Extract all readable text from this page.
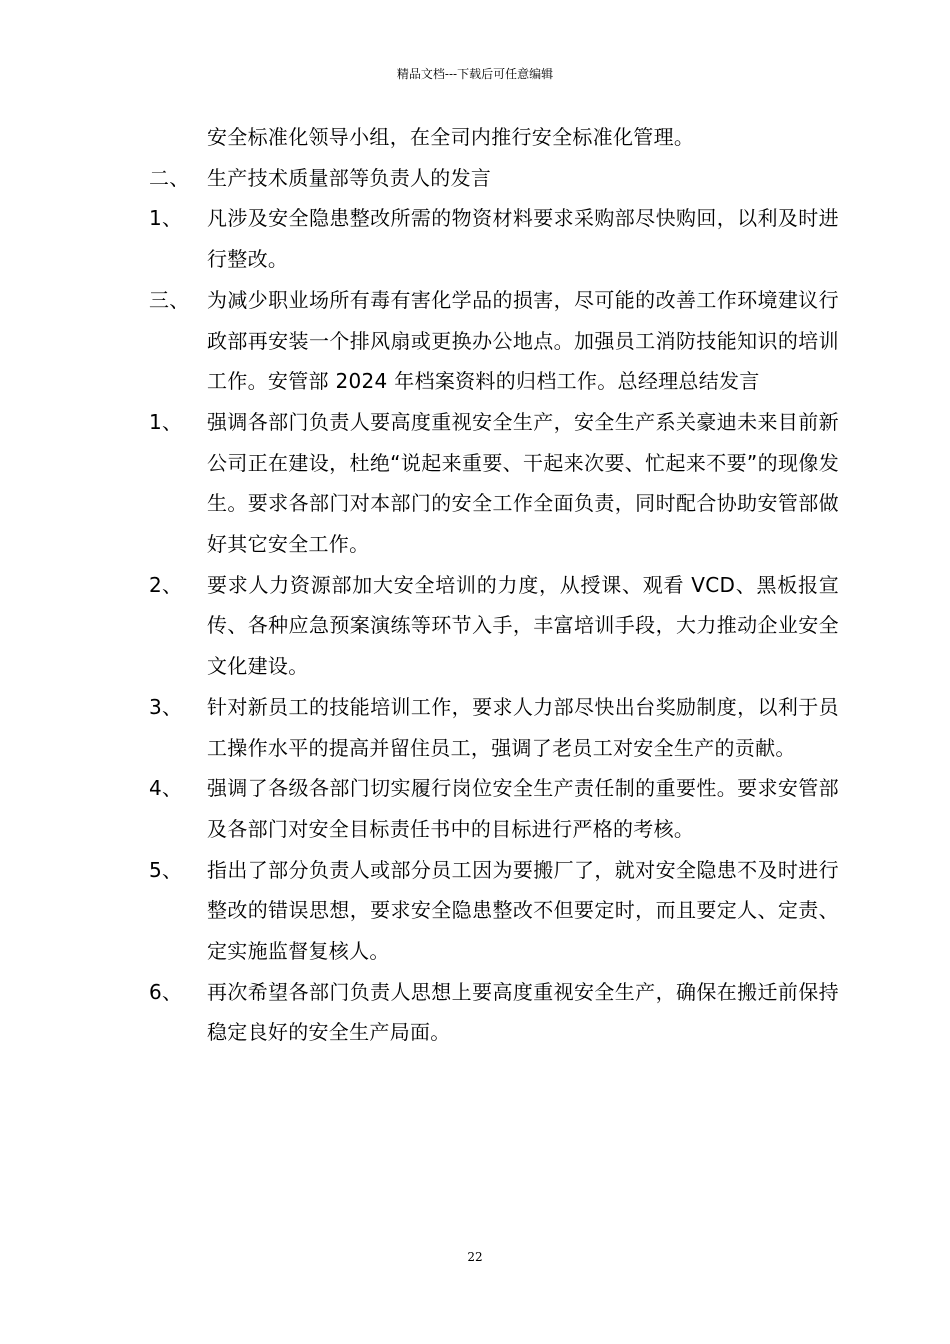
精品文档---下载后可任意编辑
安全标准化领导小组，在全司内推行安全标准化管理。
二、 生产技术质量部等负责人的发言
1、 凡涉及安全隐患整改所需的物资材料要求采购部尽快购回，以利及时进行整改。
三、 为减少职业场所有毒有害化学品的损害，尽可能的改善工作环境建议行政部再安装一个排风扇或更换办公地点。加强员工消防技能知识的培训工作。安管部 2024 年档案资料的归档工作。总经理总结发言
1、 强调各部门负责人要高度重视安全生产，安全生产系关豪迪未来目前新公司正在建设，杜绝“说起来重要、干起来次要、忙起来不要”的现像发生。要求各部门对本部门的安全工作全面负责，同时配合协助安管部做好其它安全工作。
2、 要求人力资源部加大安全培训的力度，从授课、观看 VCD、黑板报宣传、各种应急预案演练等环节入手，丰富培训手段，大力推动企业安全文化建设。
3、 针对新员工的技能培训工作，要求人力部尽快出台奖励制度，以利于员工操作水平的提高并留住员工，强调了老员工对安全生产的贡献。
4、 强调了各级各部门切实履行岗位安全生产责任制的重要性。要求安管部及各部门对安全目标责任书中的目标进行严格的考核。
5、 指出了部分负责人或部分员工因为要搬厂了，就对安全隐患不及时进行整改的错误思想，要求安全隐患整改不但要定时，而且要定人、定责、定实施监督复核人。
6、 再次希望各部门负责人思想上要高度重视安全生产，确保在搬迁前保持稳定良好的安全生产局面。
22
